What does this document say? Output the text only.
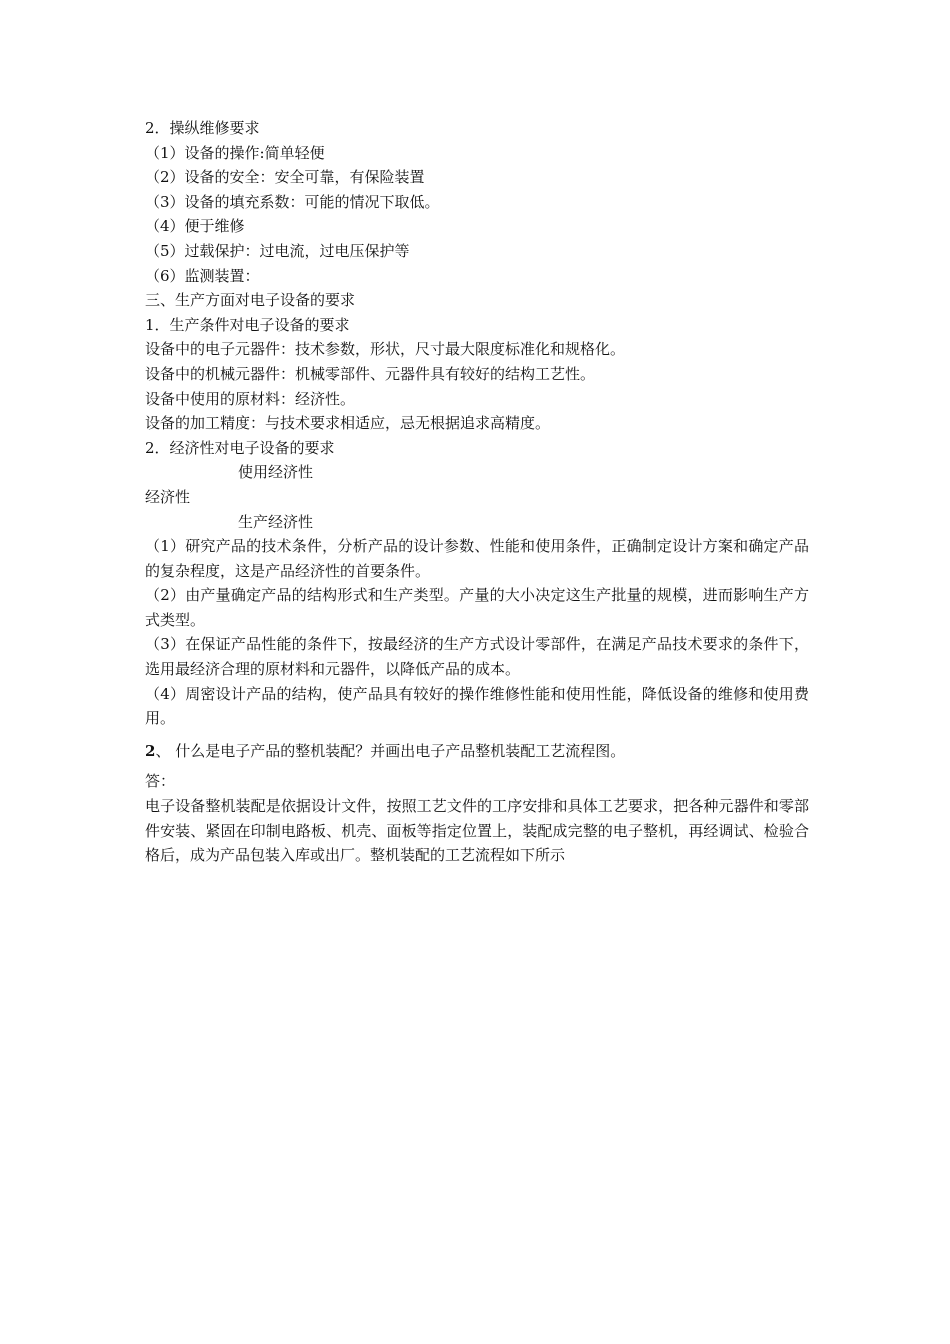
2．操纵维修要求
（1）设备的操作:简单轻便
（2）设备的安全：安全可靠，有保险装置
（3）设备的填充系数：可能的情况下取低。
（4）便于维修
（5）过载保护：过电流，过电压保护等
（6）监测装置：
三、生产方面对电子设备的要求
1．生产条件对电子设备的要求
设备中的电子元器件：技术参数，形状，尺寸最大限度标准化和规格化。
设备中的机械元器件：机械零部件、元器件具有较好的结构工艺性。
设备中使用的原材料：经济性。
设备的加工精度：与技术要求相适应，忌无根据追求高精度。
2．经济性对电子设备的要求
使用经济性
经济性
生产经济性
（1）研究产品的技术条件，分析产品的设计参数、性能和使用条件，正确制定设计方案和确定产品的复杂程度，这是产品经济性的首要条件。
（2）由产量确定产品的结构形式和生产类型。产量的大小决定这生产批量的规模，进而影响生产方式类型。
（3）在保证产品性能的条件下，按最经济的生产方式设计零部件，在满足产品技术要求的条件下，选用最经济合理的原材料和元器件，以降低产品的成本。
（4）周密设计产品的结构，使产品具有较好的操作维修性能和使用性能，降低设备的维修和使用费用。
2、 什么是电子产品的整机装配？并画出电子产品整机装配工艺流程图。
答：
电子设备整机装配是依据设计文件，按照工艺文件的工序安排和具体工艺要求，把各种元器件和零部件安装、紧固在印制电路板、机壳、面板等指定位置上，装配成完整的电子整机，再经调试、检验合格后，成为产品包装入库或出厂。整机装配的工艺流程如下所示
